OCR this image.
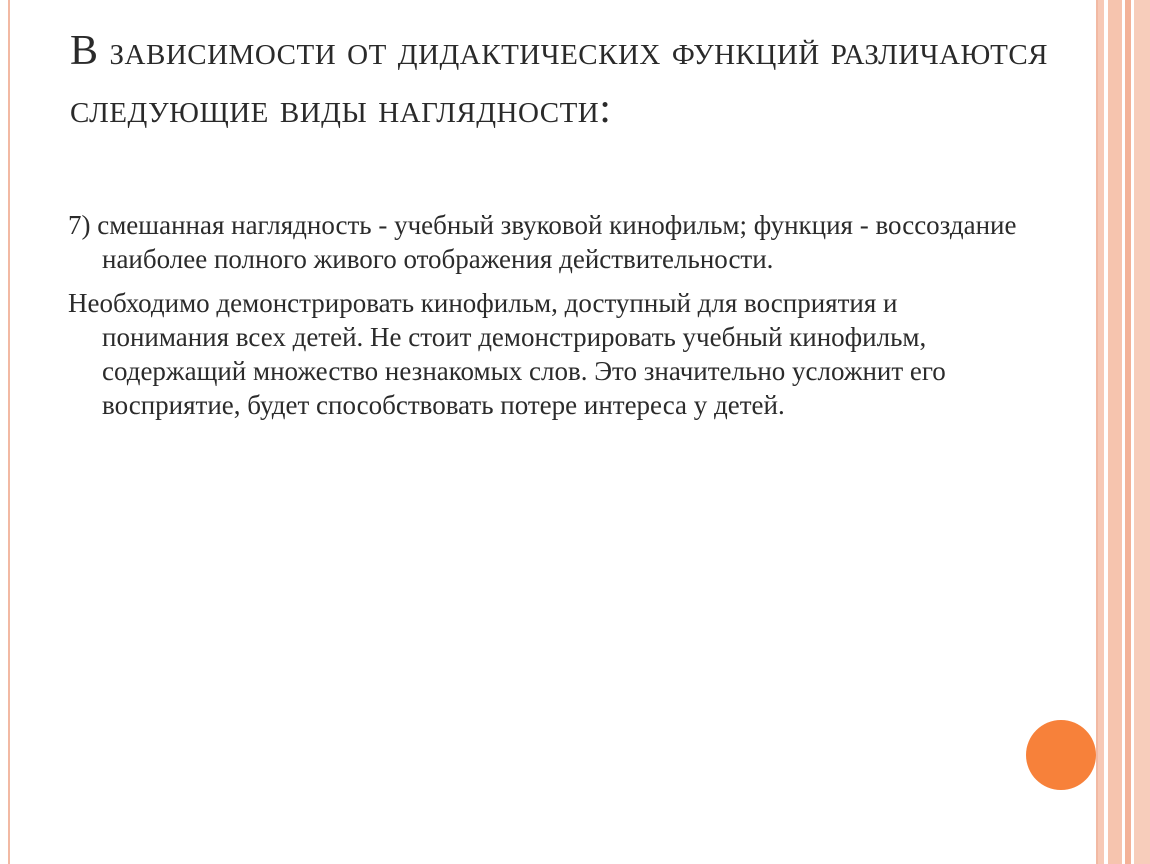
В зависимости от дидактических функций различаются следующие виды наглядности:

7) смешанная наглядность - учебный звуковой кинофильм; функция - воссоздание наиболее полного живого отображения действительности.

Необходимо демонстрировать кинофильм, доступный для восприятия и понимания всех детей. Не стоит демонстрировать учебный кинофильм, содержащий множество незнакомых слов. Это значительно усложнит его восприятие, будет способствовать потере интереса у детей.
